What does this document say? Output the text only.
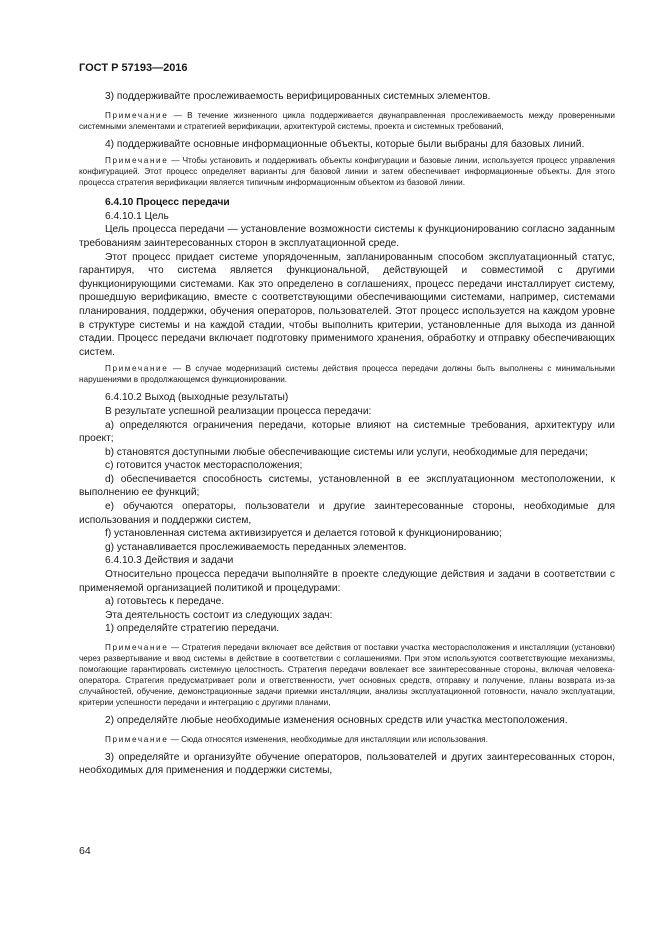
ГОСТ Р 57193—2016

3) поддерживайте прослеживаемость верифицированных системных элементов.

Примечание — В течение жизненного цикла поддерживается двунаправленная прослеживаемость между проверенными системными элементами и стратегией верификации, архитектурой системы, проекта и системных требований,

4) поддерживайте основные информационные объекты, которые были выбраны для базовых линий.

Примечание — Чтобы установить и поддерживать объекты конфигурации и базовые линии, используется процесс управления конфигурацией. Этот процесс определяет варианты для базовой линии и затем обеспечивает информационные объекты. Для этого процесса стратегия верификации является типичным информационным объектом из базовой линии.

6.4.10 Процесс передачи

6.4.10.1 Цель

Цель процесса передачи — установление возможности системы к функционированию согласно заданным требованиям заинтересованных сторон в эксплуатационной среде.

Этот процесс придает системе упорядоченным, запланированным способом эксплуатационный статус, гарантируя, что система является функциональной, действующей и совместимой с другими функционирующими системами. Как это определено в соглашениях, процесс передачи инсталлирует систему, прошедшую верификацию, вместе с соответствующими обеспечивающими системами, например, системами планирования, поддержки, обучения операторов, пользователей. Этот процесс используется на каждом уровне в структуре системы и на каждой стадии, чтобы выполнить критерии, установленные для выхода из данной стадии. Процесс передачи включает подготовку применимого хранения, обработку и отправку обеспечивающих систем.

Примечание — В случае модернизаций системы действия процесса передачи должны быть выполнены с минимальными нарушениями в продолжающемся функционировании.

6.4.10.2 Выход (выходные результаты)

В результате успешной реализации процесса передачи:

a) определяются ограничения передачи, которые влияют на системные требования, архитектуру или проект;

b) становятся доступными любые обеспечивающие системы или услуги, необходимые для передачи;

c) готовится участок месторасположения;

d) обеспечивается способность системы, установленной в ее эксплуатационном местоположении, к выполнению ее функций;

e) обучаются операторы, пользователи и другие заинтересованные стороны, необходимые для использования и поддержки систем,

f) установленная система активизируется и делается готовой к функционированию;

g) устанавливается прослеживаемость переданных элементов.

6.4.10.3 Действия и задачи

Относительно процесса передачи выполняйте в проекте следующие действия и задачи в соответствии с применяемой организацией политикой и процедурами:

а) готовьтесь к передаче.

Эта деятельность состоит из следующих задач:

1) определяйте стратегию передачи.

Примечание — Стратегия передачи включает все действия от поставки участка месторасположения и инсталляции (установки) через развертывание и ввод системы в действие в соответствии с соглашениями. При этом используются соответствующие механизмы, помогающие гарантировать системную целостность. Стратегия передачи вовлекает все заинтересованные стороны, включая человека-оператора. Стратегия предусматривает роли и ответственности, учет основных средств, отправку и получение, планы возврата из-за случайностей, обучение, демонстрационные задачи приемки инсталляции, анализы эксплуатационной готовности, начало эксплуатации, критерии успешности передачи и интеграцию с другими планами,

2) определяйте любые необходимые изменения основных средств или участка местоположения.

Примечание — Сюда относятся изменения, необходимые для инсталляции или использования.

3) определяйте и организуйте обучение операторов, пользователей и других заинтересованных сторон, необходимых для применения и поддержки системы,

64
